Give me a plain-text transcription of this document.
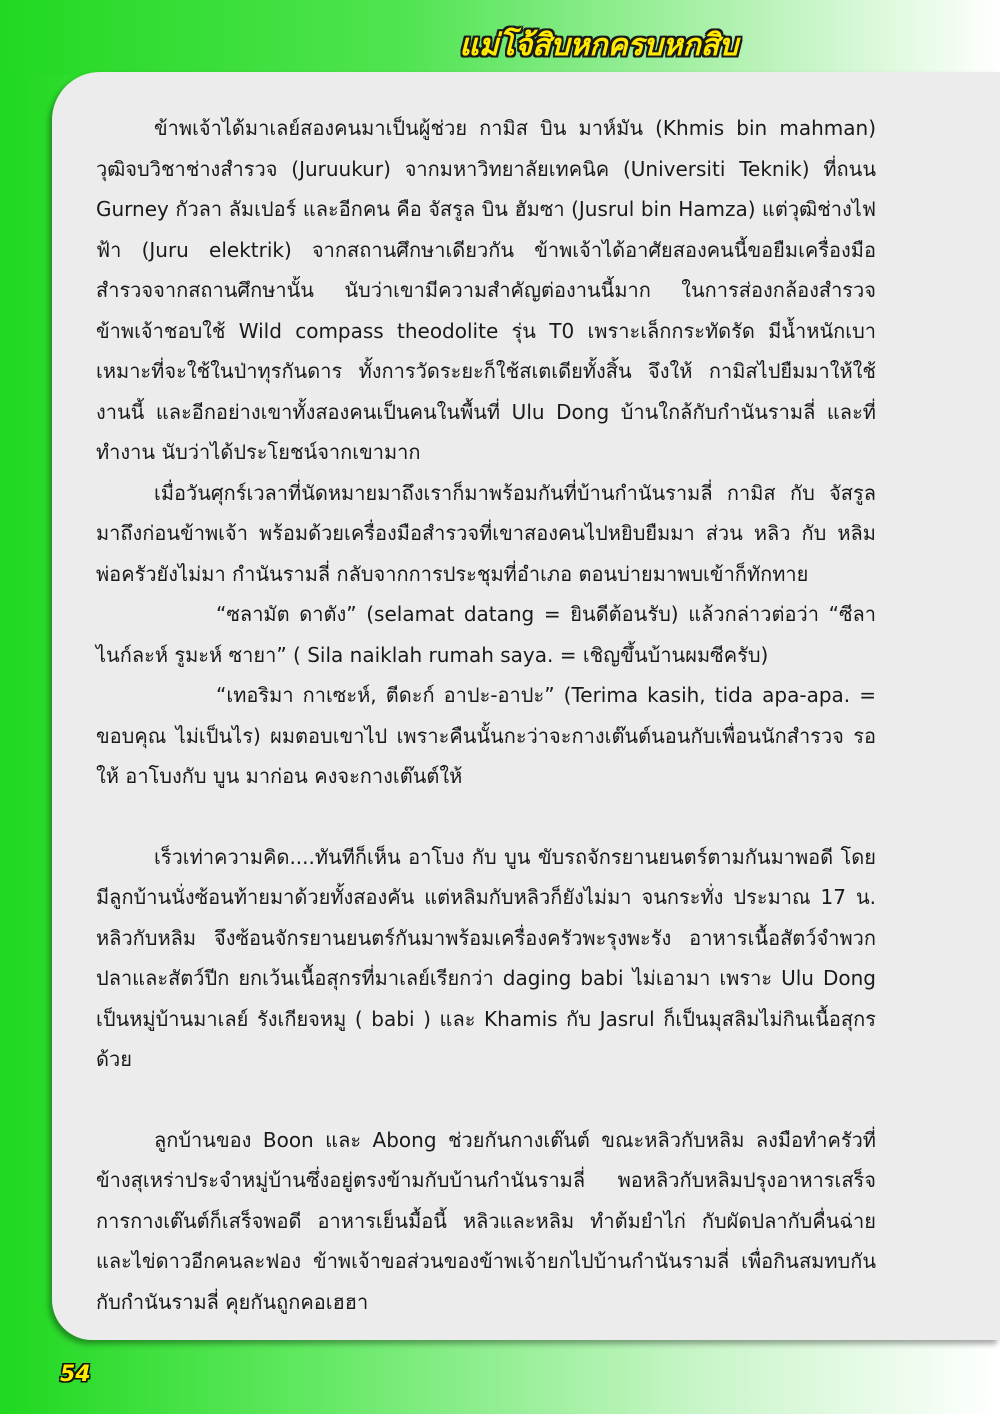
แม่โจ้สิบหกครบหกสิบ

ข้าพเจ้าได้มาเลย์สองคนมาเป็นผู้ช่วย กามิส บิน มาห์มัน (Khmis bin mahman) วุฒิจบวิชาช่างสำรวจ (Juruukur) จากมหาวิทยาลัยเทคนิค (Universiti Teknik) ที่ถนน Gurney กัวลา ลัมเปอร์ และอีกคน คือ จัสรูล บิน ฮัมซา (Jusrul bin Hamza) แต่วุฒิช่างไฟฟ้า (Juru elektrik) จากสถานศึกษาเดียวกัน ข้าพเจ้าได้อาศัยสองคนนี้ขอยืมเครื่องมือสำรวจจากสถานศึกษานั้น นับว่าเขามีความสำคัญต่องานนี้มาก ในการส่องกล้องสำรวจข้าพเจ้าชอบใช้ Wild compass theodolite รุ่น T0 เพราะเล็กกระทัดรัด มีน้ำหนักเบาเหมาะที่จะใช้ในป่าทุรกันดาร ทั้งการวัดระยะก็ใช้สเตเดียทั้งสิ้น จึงให้ กามิสไปยืมมาให้ใช้งานนี้ และอีกอย่างเขาทั้งสองคนเป็นคนในพื้นที่ Ulu Dong บ้านใกล้กับกำนันรามลี่ และที่ทำงาน นับว่าได้ประโยชน์จากเขามาก

เมื่อวันศุกร์เวลาที่นัดหมายมาถึงเราก็มาพร้อมกันที่บ้านกำนันรามลี่ กามิส กับ จัสรูล มาถึงก่อนข้าพเจ้า พร้อมด้วยเครื่องมือสำรวจที่เขาสองคนไปหยิบยืมมา ส่วน หลิว กับ หลิม พ่อครัวยังไม่มา กำนันรามลี่ กลับจากการประชุมที่อำเภอ ตอนบ่ายมาพบเข้าก็ทักทาย

“ซลามัต ดาตัง” (selamat datang = ยินดีต้อนรับ) แล้วกล่าวต่อว่า “ซีลา ไนก์ละห์ รูมะห์ ซายา” ( Sila naiklah rumah saya. = เชิญขึ้นบ้านผมซีครับ)

“เทอริมา กาเซะห์, ตีดะก์ อาปะ-อาปะ” (Terima kasih, tida apa-apa. = ขอบคุณ ไม่เป็นไร) ผมตอบเขาไป เพราะคืนนั้นกะว่าจะกางเต๊นต์นอนกับเพื่อนนักสำรวจ รอให้ อาโบงกับ บูน มาก่อน คงจะกางเต๊นต์ให้

เร็วเท่าความคิด....ทันทีก็เห็น อาโบง กับ บูน ขับรถจักรยานยนตร์ตามกันมาพอดี โดยมีลูกบ้านนั่งซ้อนท้ายมาด้วยทั้งสองคัน แต่หลิมกับหลิวก็ยังไม่มา จนกระทั่ง ประมาณ 17 น. หลิวกับหลิม จึงซ้อนจักรยานยนตร์กันมาพร้อมเครื่องครัวพะรุงพะรัง อาหารเนื้อสัตว์จำพวกปลาและสัตว์ปีก ยกเว้นเนื้อสุกรที่มาเลย์เรียกว่า daging babi ไม่เอามา เพราะ Ulu Dong เป็นหมู่บ้านมาเลย์ รังเกียจหมู ( babi ) และ Khamis กับ Jasrul ก็เป็นมุสลิมไม่กินเนื้อสุกรด้วย

ลูกบ้านของ Boon และ Abong ช่วยกันกางเต๊นต์ ขณะหลิวกับหลิม ลงมือทำครัวที่ข้างสุเหร่าประจำหมู่บ้านซึ่งอยู่ตรงข้ามกับบ้านกำนันรามลี่ พอหลิวกับหลิมปรุงอาหารเสร็จการกางเต๊นต์ก็เสร็จพอดี อาหารเย็นมื้อนี้ หลิวและหลิม ทำต้มยำไก่ กับผัดปลากับคื่นฉ่าย และไข่ดาวอีกคนละฟอง ข้าพเจ้าขอส่วนของข้าพเจ้ายกไปบ้านกำนันรามลี่ เพื่อกินสมทบกันกับกำนันรามลี่ คุยกันถูกคอเฮฮา

54
